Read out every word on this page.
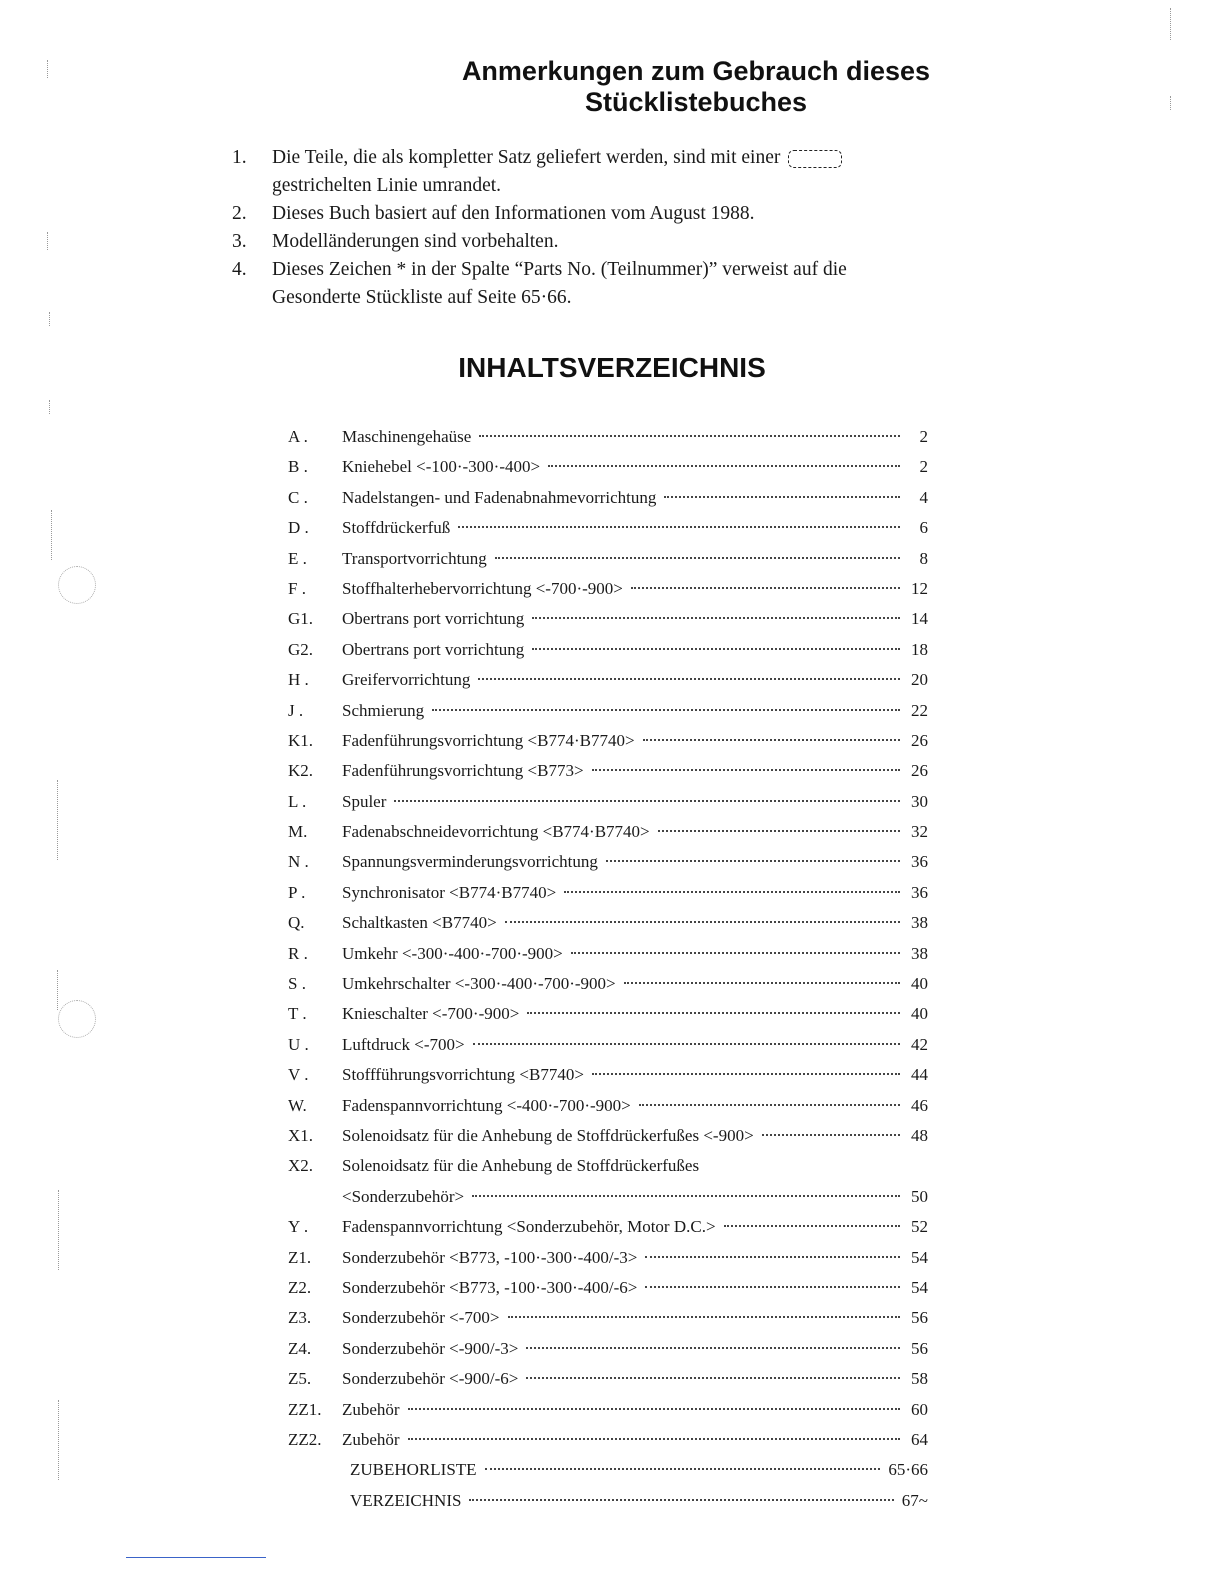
Anmerkungen zum Gebrauch dieses
Stücklistebuches
1. Die Teile, die als kompletter Satz geliefert werden, sind mit einer
gestrichelten Linie umrandet.
2. Dieses Buch basiert auf den Informationen vom August 1988.
3. Modelländerungen sind vorbehalten.
4. Dieses Zeichen * in der Spalte “Parts No. (Teilnummer)” verweist auf die
Gesonderte Stückliste auf Seite 65·66.
INHALTSVERZEICHNIS
A .	Maschinengehaüse	2
B .	Kniehebel <-100·-300·-400>	2
C .	Nadelstangen- und Fadenabnahmevorrichtung	4
D .	Stoffdrückerfuß	6
E .	Transportvorrichtung	8
F .	Stoffhalterhebervorrichtung <-700·-900>	12
G1.	Obertrans port vorrichtung	14
G2.	Obertrans port vorrichtung	18
H .	Greifervorrichtung	20
J .	Schmierung	22
K1.	Fadenführungsvorrichtung <B774·B7740>	26
K2.	Fadenführungsvorrichtung <B773>	26
L .	Spuler	30
M.	Fadenabschneidevorrichtung <B774·B7740>	32
N .	Spannungsverminderungsvorrichtung	36
P .	Synchronisator <B774·B7740>	36
Q.	Schaltkasten <B7740>	38
R .	Umkehr <-300·-400·-700·-900>	38
S .	Umkehrschalter <-300·-400·-700·-900>	40
T .	Knieschalter <-700·-900>	40
U .	Luftdruck <-700>	42
V .	Stoffführungsvorrichtung <B7740>	44
W.	Fadenspannvorrichtung <-400·-700·-900>	46
X1.	Solenoidsatz für die Anhebung de Stoffdrückerfußes <-900>	48
X2.	Solenoidsatz für die Anhebung de Stoffdrückerfußes
<Sonderzubehör>	50
Y .	Fadenspannvorrichtung <Sonderzubehör, Motor D.C.>	52
Z1.	Sonderzubehör <B773, -100·-300·-400/-3>	54
Z2.	Sonderzubehör <B773, -100·-300·-400/-6>	54
Z3.	Sonderzubehör <-700>	56
Z4.	Sonderzubehör <-900/-3>	56
Z5.	Sonderzubehör <-900/-6>	58
ZZ1.	Zubehör	60
ZZ2.	Zubehör	64
ZUBEHORLISTE	65·66
VERZEICHNIS	67~
